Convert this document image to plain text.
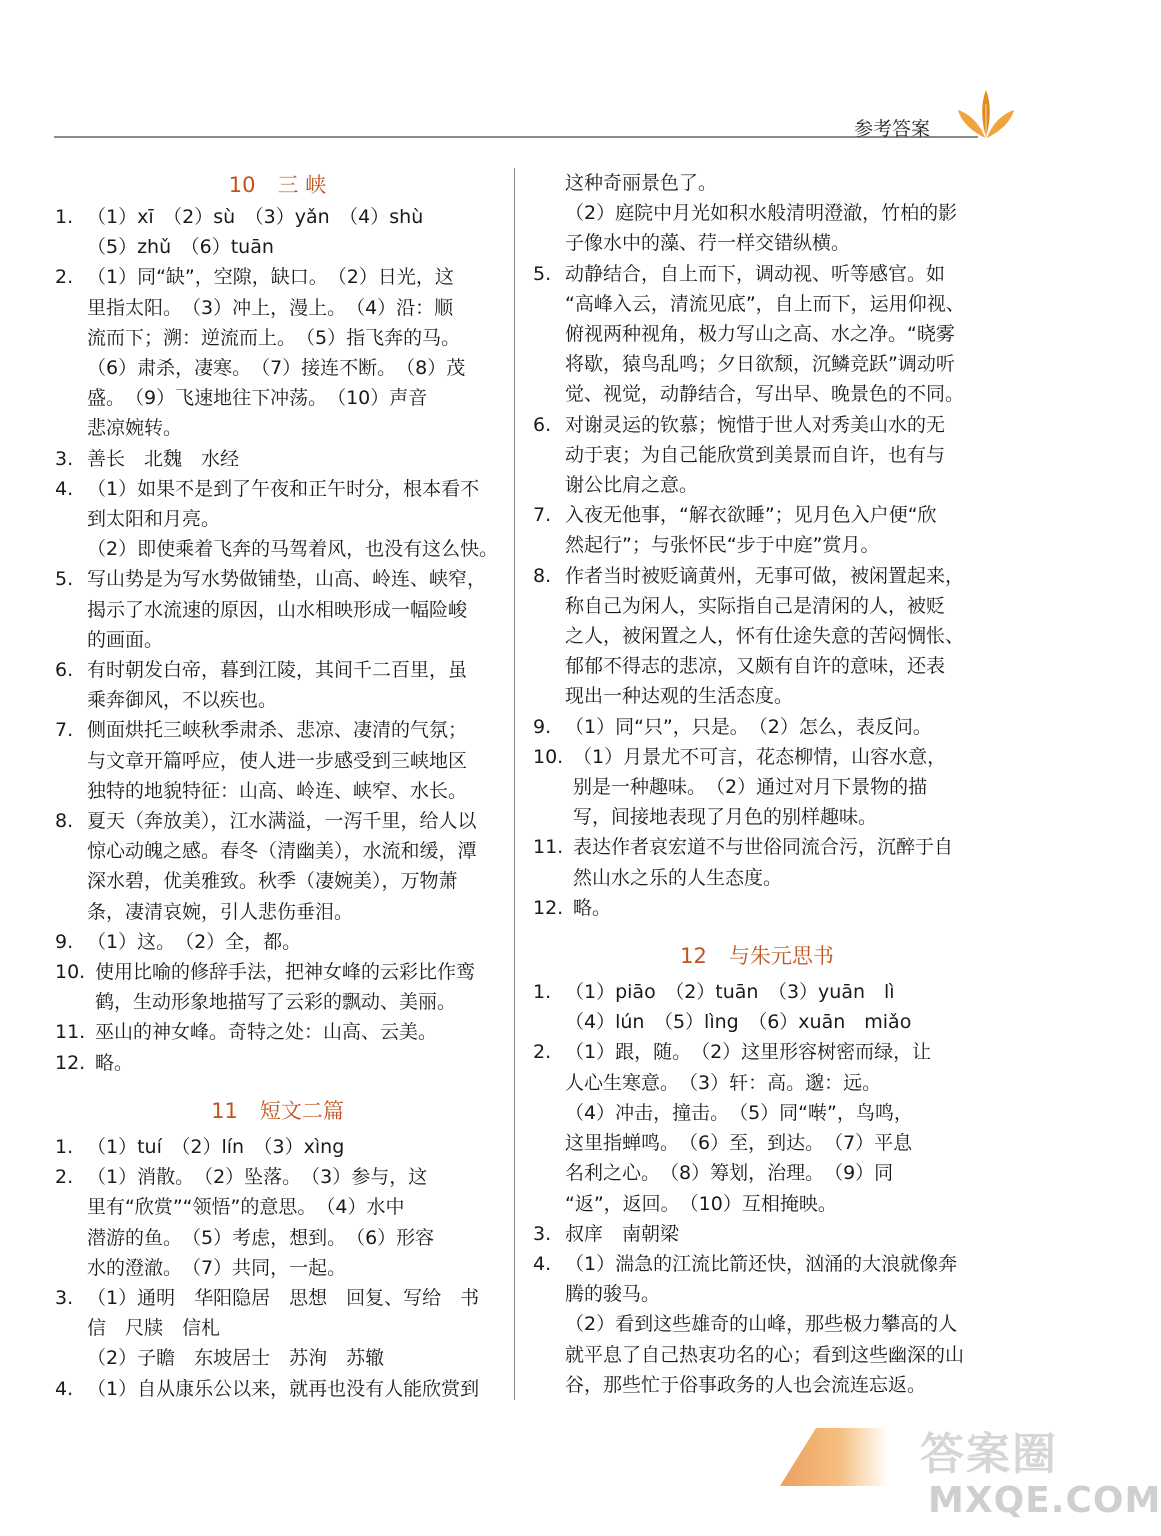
参考答案
10 三 峡
1. （1）xī　（2）sù　（3）yǎn　（4）shù
（5）zhǔ　（6）tuān
2. （1）同“缺”，空隙，缺口。　（2）日光，这
里指太阳。　（3）冲上，漫上。　（4）沿：顺
流而下；溯：逆流而上。　（5）指飞奔的马。
（6）肃杀，凄寒。　（7）接连不断。　（8）茂
盛。　（9）飞速地往下冲荡。　（10）声音
悲凉婉转。
3. 善长　北魏　水经
4. （1）如果不是到了午夜和正午时分，根本看不
到太阳和月亮。
（2）即使乘着飞奔的马驾着风，也没有这么快。
5. 写山势是为写水势做铺垫，山高、岭连、峡窄，
揭示了水流速的原因，山水相映形成一幅险峻
的画面。
6. 有时朝发白帝，暮到江陵，其间千二百里，虽
乘奔御风，不以疾也。
7. 侧面烘托三峡秋季肃杀、悲凉、凄清的气氛；
与文章开篇呼应，使人进一步感受到三峡地区
独特的地貌特征：山高、岭连、峡窄、水长。
8. 夏天（奔放美），江水满溢，一泻千里，给人以
惊心动魄之感。春冬（清幽美），水流和缓，潭
深水碧，优美雅致。秋季（凄婉美），万物萧
条，凄清哀婉，引人悲伤垂泪。
9. （1）这。　（2）全，都。
10. 使用比喻的修辞手法，把神女峰的云彩比作鸾
鹤，生动形象地描写了云彩的飘动、美丽。
11. 巫山的神女峰。奇特之处：山高、云美。
12. 略。
11 短文二篇
1. （1）tuí　（2）lín　（3）xìng
2. （1）消散。　（2）坠落。　（3）参与，这
里有“欣赏”“领悟”的意思。　（4）水中
潜游的鱼。　（5）考虑，想到。　（6）形容
水的澄澈。　（7）共同，一起。
3. （1）通明　华阳隐居　思想　回复、写给　书
信　尺牍　信札
（2）子瞻　东坡居士　苏洵　苏辙
4. （1）自从康乐公以来，就再也没有人能欣赏到
这种奇丽景色了。
（2）庭院中月光如积水般清明澄澈，竹柏的影
子像水中的藻、荇一样交错纵横。
5. 动静结合，自上而下，调动视、听等感官。如
“高峰入云，清流见底”，自上而下，运用仰视、
俯视两种视角，极力写山之高、水之净。“晓雾
将歇，猿鸟乱鸣；夕日欲颓，沉鳞竞跃”调动听
觉、视觉，动静结合，写出早、晚景色的不同。
6. 对谢灵运的钦慕；惋惜于世人对秀美山水的无
动于衷；为自己能欣赏到美景而自许，也有与
谢公比肩之意。
7. 入夜无他事，“解衣欲睡”；见月色入户便“欣
然起行”；与张怀民“步于中庭”赏月。
8. 作者当时被贬谪黄州，无事可做，被闲置起来，
称自己为闲人，实际指自己是清闲的人，被贬
之人，被闲置之人，怀有仕途失意的苦闷惆怅、
郁郁不得志的悲凉，又颇有自许的意味，还表
现出一种达观的生活态度。
9. （1）同“只”，只是。　（2）怎么，表反问。
10. （1）月景尤不可言，花态柳情，山容水意，
别是一种趣味。　（2）通过对月下景物的描
写，间接地表现了月色的别样趣味。
11. 表达作者哀宏道不与世俗同流合污，沉醉于自
然山水之乐的人生态度。
12. 略。
12 与朱元思书
1. （1）piāo　（2）tuān　（3）yuān　lì
（4）lún　（5）lìng　（6）xuān　miǎo
2. （1）跟，随。　（2）这里形容树密而绿，让
人心生寒意。　（3）轩：高。邈：远。
（4）冲击，撞击。　（5）同“啭”，鸟鸣，
这里指蝉鸣。　（6）至，到达。　（7）平息
名利之心。　（8）筹划，治理。　（9）同
“返”，返回。　（10）互相掩映。
3. 叔庠　南朝梁
4. （1）湍急的江流比箭还快，汹涌的大浪就像奔
腾的骏马。
（2）看到这些雄奇的山峰，那些极力攀高的人
就平息了自己热衷功名的心；看到这些幽深的山
谷，那些忙于俗事政务的人也会流连忘返。
答案圈
MXQE.COM
